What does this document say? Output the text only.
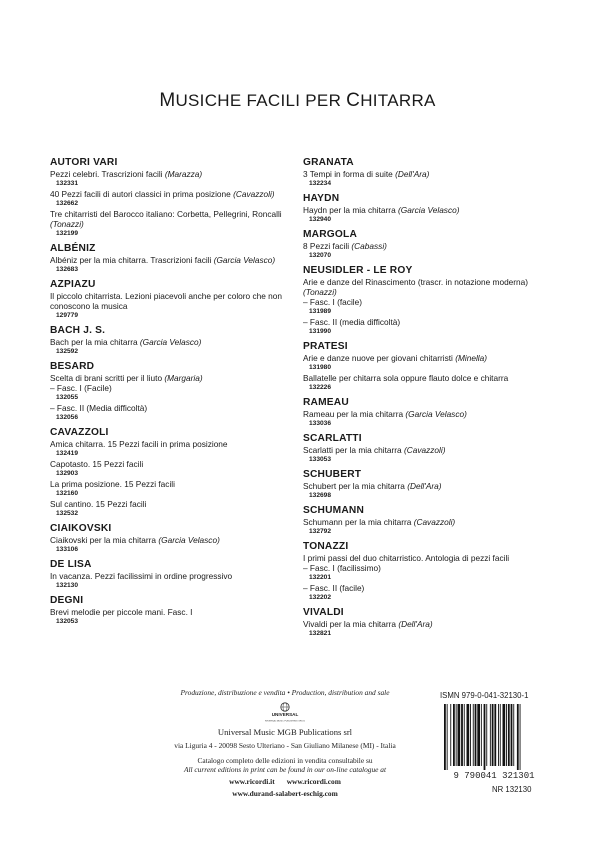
MUSICHE FACILI PER CHITARRA
AUTORI VARI
Pezzi celebri. Trascrizioni facili (Marazza)
132331
40 Pezzi facili di autori classici in prima posizione (Cavazzoli)
132662
Tre chitarristi del Barocco italiano: Corbetta, Pellegrini, Roncalli (Tonazzi)
132199
ALBÉNIZ
Albéniz per la mia chitarra. Trascrizioni facili (Garcia Velasco)
132683
AZPIAZU
Il piccolo chitarrista. Lezioni piacevoli anche per coloro che non conoscono la musica
129779
BACH J. S.
Bach per la mia chitarra (Garcia Velasco)
132592
BESARD
Scelta di brani scritti per il liuto (Margaria)
– Fasc. I (Facile)
132055
– Fasc. II (Media difficoltà)
132056
CAVAZZOLI
Amica chitarra. 15 Pezzi facili in prima posizione
132419
Capotasto. 15 Pezzi facili
132903
La prima posizione. 15 Pezzi facili
132160
Sul cantino. 15 Pezzi facili
132532
CIAIKOVSKI
Ciaikovski per la mia chitarra (Garcia Velasco)
133106
DE LISA
In vacanza. Pezzi facilissimi in ordine progressivo
132130
DEGNI
Brevi melodie per piccole mani. Fasc. I
132053
GRANATA
3 Tempi in forma di suite (Dell'Ara)
132234
HAYDN
Haydn per la mia chitarra (Garcia Velasco)
132940
MARGOLA
8 Pezzi facili (Cabassi)
132070
NEUSIDLER - LE ROY
Arie e danze del Rinascimento (trascr. in notazione moderna) (Tonazzi)
– Fasc. I (facile)
131989
– Fasc. II (media difficoltà)
131990
PRATESI
Arie e danze nuove per giovani chitarristi (Minella)
131980
Ballatelle per chitarra sola oppure flauto dolce e chitarra
132226
RAMEAU
Rameau per la mia chitarra (Garcia Velasco)
133036
SCARLATTI
Scarlatti per la mia chitarra (Cavazzoli)
133053
SCHUBERT
Schubert per la mia chitarra (Dell'Ara)
132698
SCHUMANN
Schumann per la mia chitarra (Cavazzoli)
132792
TONAZZI
I primi passi del duo chitarristico. Antologia di pezzi facili
– Fasc. I (facilissimo)
132201
– Fasc. II (facile)
132202
VIVALDI
Vivaldi per la mia chitarra (Dell'Ara)
132821
Produzione, distribuzione e vendita • Production, distribution and sale
UNIVERSAL
UNIVERSAL MUSIC PUBLISHING GROUP
Universal Music MGB Publications srl
via Liguria 4 - 20098 Sesto Ulteriano - San Giuliano Milanese (MI) - Italia
Catalogo completo delle edizioni in vendita consultabile su
All current editions in print can be found in our on-line catalogue at
www.ricordi.it www.ricordi.com
www.durand-salabert-eschig.com
ISMN 979-0-041-32130-1
9 790041 321301
NR 132130
